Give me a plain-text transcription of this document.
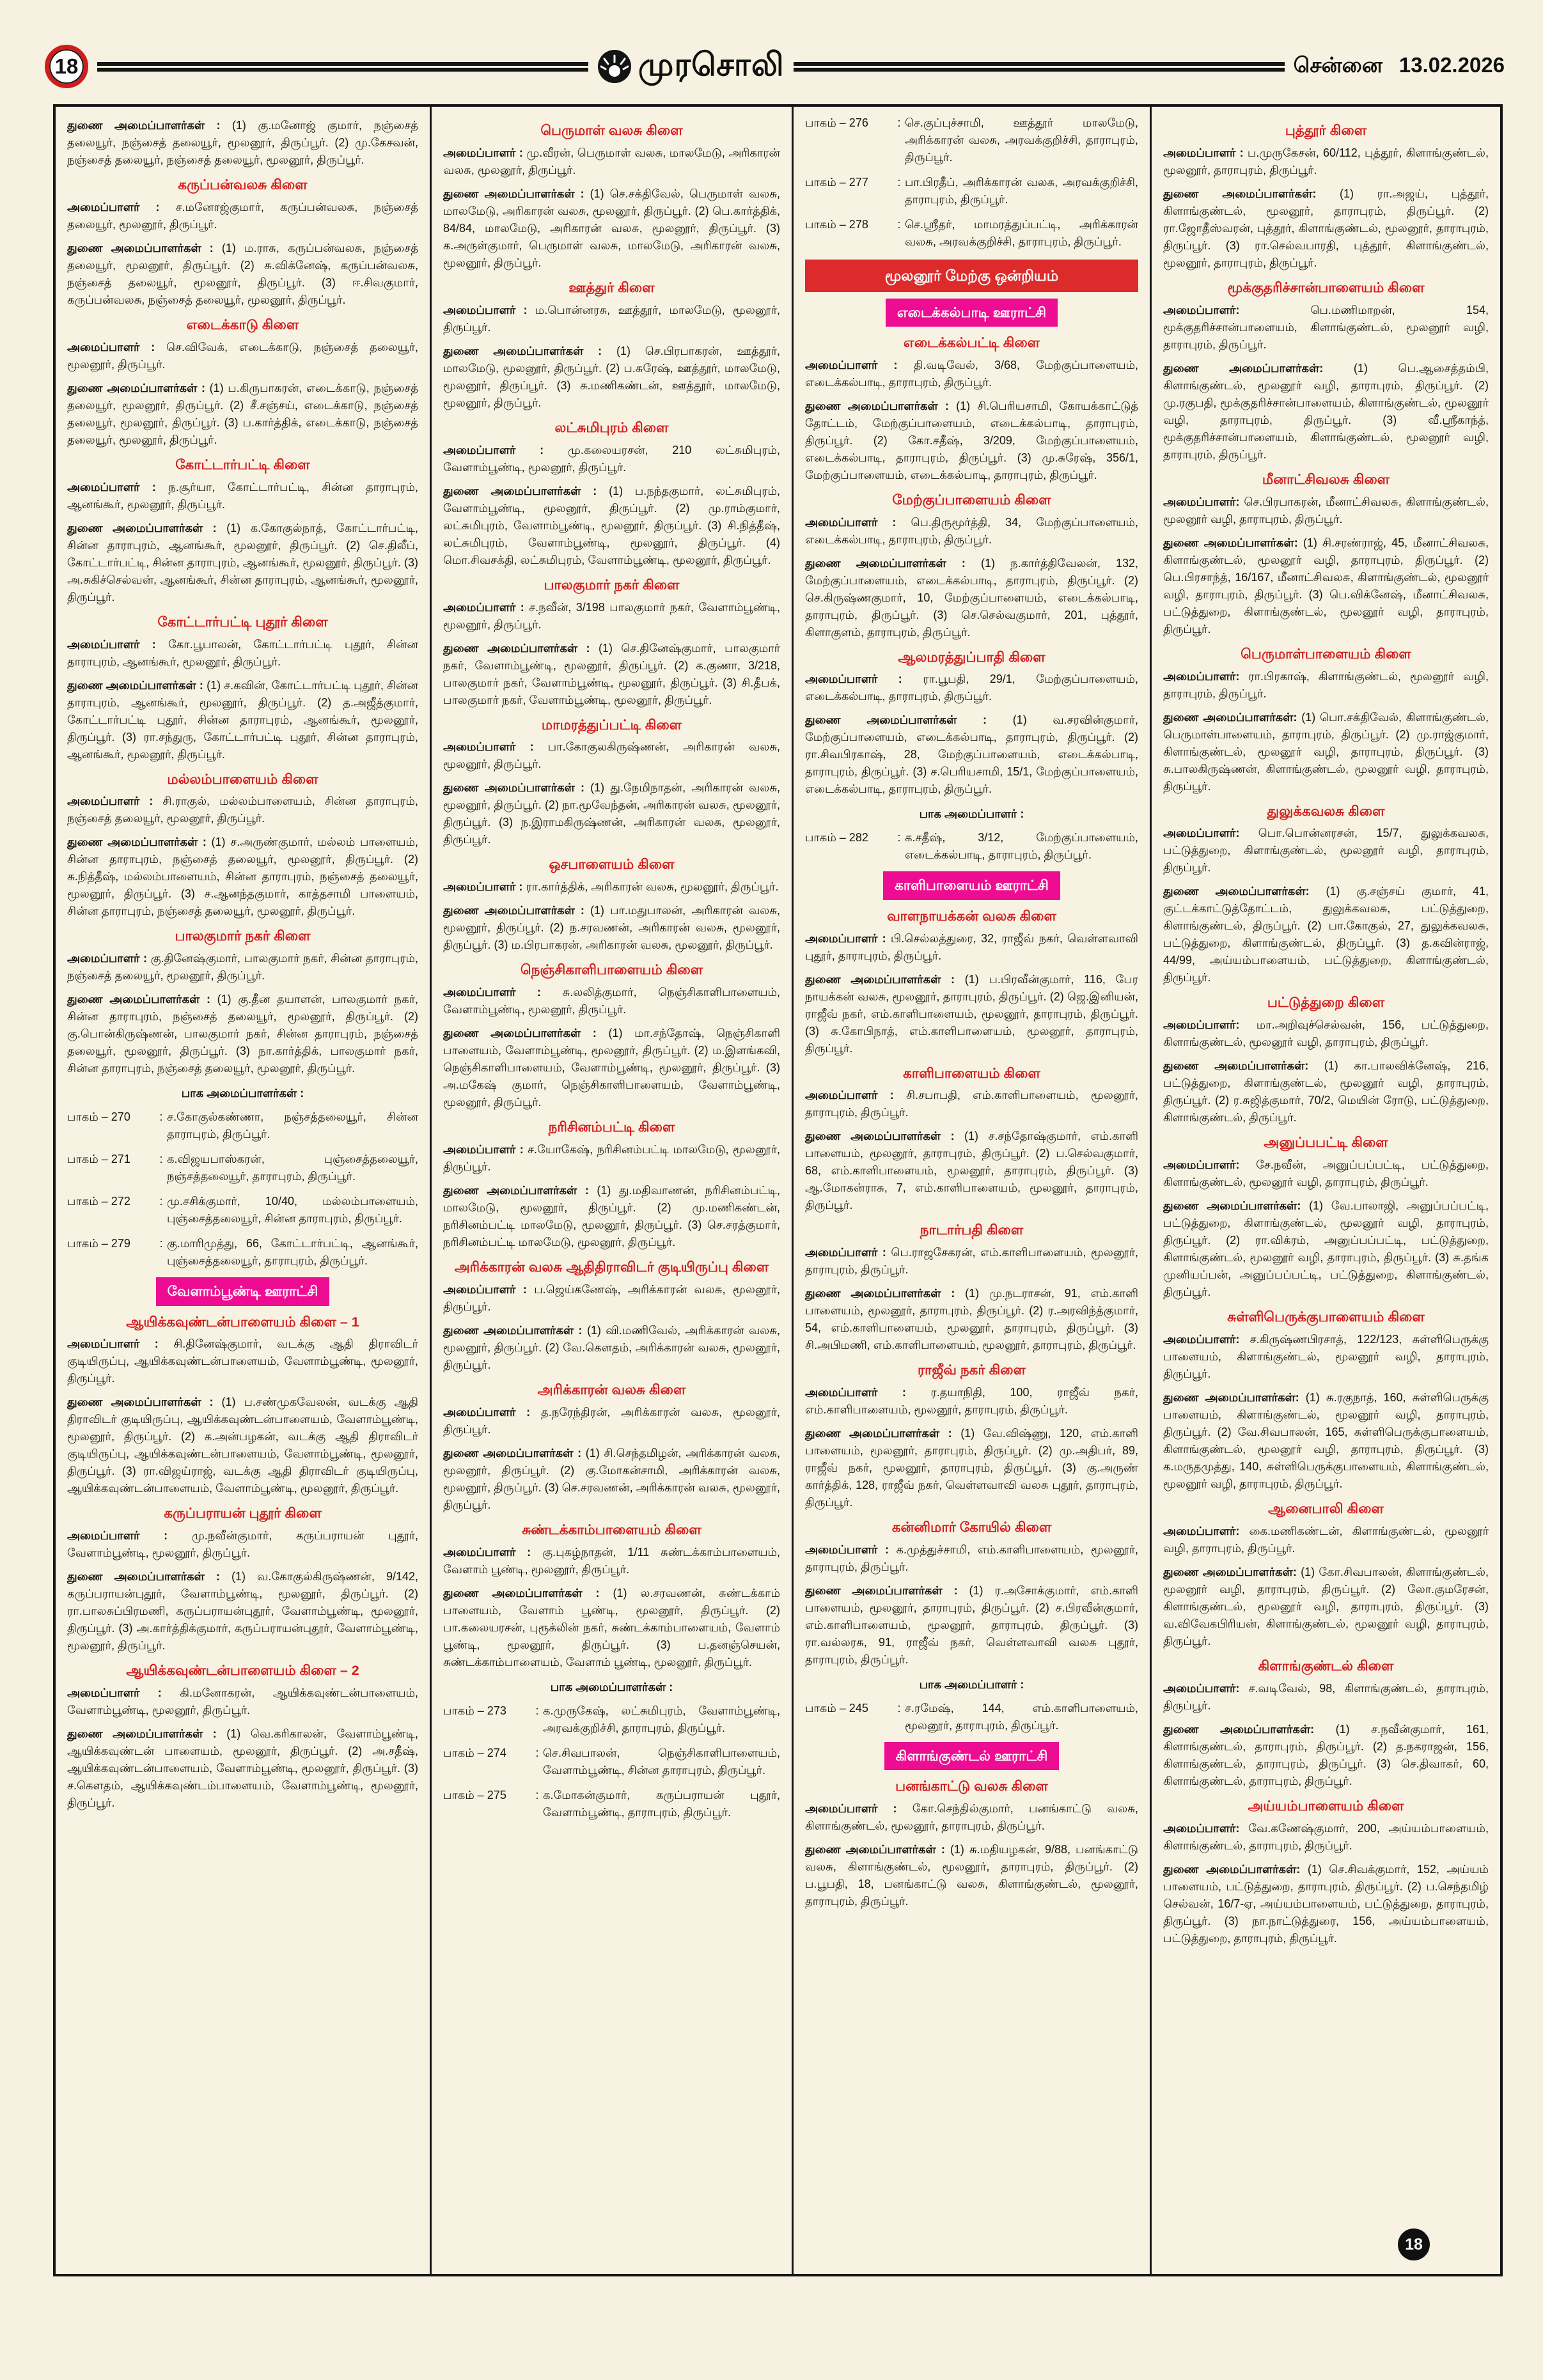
18	முரசொலி	சென்னை 13.02.2026

துணை அமைப்பாளர்கள் : (1) கு.மனோஜ் குமார், நஞ்சைத் தலையூர், நஞ்சைத் தலையூர், மூலனூர், திருப்பூர். (2) மு.கேசவன், நஞ்சைத் தலையூர், நஞ்சைத் தலையூர், மூலனூர், திருப்பூர்.

கருப்பன்வலசு கிளை

அமைப்பாளர் : ச.மனோஜ்குமார், கருப்பன்வலசு, நஞ்சைத் தலையூர், மூலனூர், திருப்பூர்.

துணை அமைப்பாளர்கள் : (1) ம.ராசு, கருப்பன்வலசு, நஞ்சைத் தலையூர், மூலனூர், திருப்பூர். (2) சு.விக்னேஷ், கருப்பன்வலசு, நஞ்சைத் தலையூர், மூலனூர், திருப்பூர். (3) ஈ.சிவகுமார், கருப்பன்வலசு, நஞ்சைத் தலையூர், மூலனூர், திருப்பூர்.

எடைக்காடு கிளை

அமைப்பாளர் : செ.விவேக், எடைக்காடு, நஞ்சைத் தலையூர், மூலனூர், திருப்பூர்.

துணை அமைப்பாளர்கள் : (1) ப.கிருபாகரன், எடைக்காடு, நஞ்சைத் தலையூர், மூலனூர், திருப்பூர். (2) சீ.சஞ்சய், எடைக்காடு, நஞ்சைத் தலையூர், மூலனூர், திருப்பூர். (3) ப.கார்த்திக், எடைக்காடு, நஞ்சைத் தலையூர், மூலனூர், திருப்பூர்.

கோட்டார்பட்டி கிளை

அமைப்பாளர் : ந.சூர்யா, கோட்டார்பட்டி, சின்ன தாராபுரம், ஆனங்கூர், மூலனூர், திருப்பூர்.

துணை அமைப்பாளர்கள் : (1) க.கோகுல்நாத், கோட்டார்பட்டி, சின்ன தாராபுரம், ஆனங்கூர், மூலனூர், திருப்பூர். (2) செ.திலீப், கோட்டார்பட்டி, சின்ன தாராபுரம், ஆனங்கூர், மூலனூர், திருப்பூர். (3) அ.சுகிச்செல்வன், ஆனங்கூர், சின்ன தாராபுரம், ஆனங்கூர், மூலனூர், திருப்பூர்.

கோட்டார்பட்டி புதூர் கிளை

அமைப்பாளர் : கோ.பூபாலன், கோட்டார்பட்டி புதூர், சின்ன தாராபுரம், ஆனங்கூர், மூலனூர், திருப்பூர்.

துணை அமைப்பாளர்கள் : (1) ச.கவின், கோட்டார்பட்டி புதூர், சின்ன தாராபுரம், ஆனங்கூர், மூலனூர், திருப்பூர். (2) த.அஜீத்குமார், கோட்டார்பட்டி புதூர், சின்ன தாராபுரம், ஆனங்கூர், மூலனூர், திருப்பூர். (3) ரா.சந்துரு, கோட்டார்பட்டி புதூர், சின்ன தாராபுரம், ஆனங்கூர், மூலனூர், திருப்பூர்.

மல்லம்பாளையம் கிளை

அமைப்பாளர் : சி.ராகுல், மல்லம்பாளையம், சின்ன தாராபுரம், நஞ்சைத் தலையூர், மூலனூர், திருப்பூர்.

துணை அமைப்பாளர்கள் : (1) ச.அருண்குமார், மல்லம் பாளையம், சின்ன தாராபுரம், நஞ்சைத் தலையூர், மூலனூர், திருப்பூர். (2) சு.நித்தீஷ், மல்லம்பாளையம், சின்ன தாராபுரம், நஞ்சைத் தலையூர், மூலனூர், திருப்பூர். (3) ச.ஆனந்தகுமார், காத்தசாமி பாளையம், சின்ன தாராபுரம், நஞ்சைத் தலையூர், மூலனூர், திருப்பூர்.

பாலகுமார் நகர் கிளை

அமைப்பாளர் : கு.தினேஷ்குமார், பாலகுமார் நகர், சின்ன தாராபுரம், நஞ்சைத் தலையூர், மூலனூர், திருப்பூர்.

துணை அமைப்பாளர்கள் : (1) கு.தீன தயாளன், பாலகுமார் நகர், சின்ன தாராபுரம், நஞ்சைத் தலையூர், மூலனூர், திருப்பூர். (2) கு.பொன்கிருஷ்ணன், பாலகுமார் நகர், சின்ன தாராபுரம், நஞ்சைத் தலையூர், மூலனூர், திருப்பூர். (3) நா.கார்த்திக், பாலகுமார் நகர், சின்ன தாராபுரம், நஞ்சைத் தலையூர், மூலனூர், திருப்பூர்.

பாக அமைப்பாளர்கள் :
பாகம் – 270	: ச.கோகுல்கண்ணா, நஞ்சத்தலையூர், சின்ன தாராபுரம், திருப்பூர்.
பாகம் – 271	: க.விஜயபாஸ்கரன், புஞ்சைத்தலையூர், நஞ்சத்தலையூர், தாராபுரம், திருப்பூர்.
பாகம் – 272	: மு.சசிக்குமார், 10/40, மல்லம்பாளையம், புஞ்சைத்தலையூர், சின்ன தாராபுரம், திருப்பூர்.
பாகம் – 279	: கு.மாரிமுத்து, 66, கோட்டார்பட்டி, ஆனங்கூர், புஞ்சைத்தலையூர், தாராபுரம், திருப்பூர்.
வேளாம்பூண்டி ஊராட்சி
ஆயிக்கவுண்டன்பாளையம் கிளை – 1

அமைப்பாளர் : சி.தினேஷ்குமார், வடக்கு ஆதி திராவிடர் குடியிருப்பு, ஆயிக்கவுண்டன்பாளையம், வேளாம்பூண்டி, மூலனூர், திருப்பூர்.

துணை அமைப்பாளர்கள் : (1) ப.சண்முகவேலன், வடக்கு ஆதி திராவிடர் குடியிருப்பு, ஆயிக்கவுண்டன்பாளையம், வேளாம்பூண்டி, மூலனூர், திருப்பூர். (2) க.அன்பழகன், வடக்கு ஆதி திராவிடர் குடியிருப்பு, ஆயிக்கவுண்டன்பாளையம், வேளாம்பூண்டி, மூலனூர், திருப்பூர். (3) ரா.விஜய்ராஜ், வடக்கு ஆதி திராவிடர் குடியிருப்பு, ஆயிக்கவுண்டன்பாளையம், வேளாம்பூண்டி, மூலனூர், திருப்பூர்.

கருப்பராயன் புதூர் கிளை

அமைப்பாளர் : மு.நவீன்குமார், கருப்பராயன் புதூர், வேளாம்பூண்டி, மூலனூர், திருப்பூர்.

துணை அமைப்பாளர்கள் : (1) வ.கோகுல்கிருஷ்ணன், 9/142, கருப்பராயன்புதூர், வேளாம்பூண்டி, மூலனூர், திருப்பூர். (2) ரா.பாலசுப்பிரமணி, கருப்பராயன்புதூர், வேளாம்பூண்டி, மூலனூர், திருப்பூர். (3) அ.கார்த்திக்குமார், கருப்பராயன்புதூர், வேளாம்பூண்டி, மூலனூர், திருப்பூர்.

ஆயிக்கவுண்டன்பாளையம் கிளை – 2

அமைப்பாளர் : கி.மனோகரன், ஆயிக்கவுண்டன்பாளையம், வேளாம்பூண்டி, மூலனூர், திருப்பூர்.

துணை அமைப்பாளர்கள் : (1) வெ.கரிகாலன், வேளாம்பூண்டி, ஆயிக்கவுண்டன் பாளையம், மூலனூர், திருப்பூர். (2) அ.சதீஷ், ஆயிக்கவுண்டன்பாளையம், வேளாம்பூண்டி, மூலனூர், திருப்பூர். (3) ச.கௌதம், ஆயிக்கவுண்டம்பாளையம், வேளாம்பூண்டி, மூலனூர், திருப்பூர்.

பெருமாள் வலசு கிளை

அமைப்பாளர் : மு.வீரன், பெருமாள் வலசு, மாலமேடு, அரிகாரன் வலசு, மூலனூர், திருப்பூர்.

துணை அமைப்பாளர்கள் : (1) செ.சக்திவேல், பெருமாள் வலசு, மாலமேடு, அரிகாரன் வலசு, மூலனூர், திருப்பூர். (2) பெ.கார்த்திக், 84/84, மாலமேடு, அரிகாரன் வலசு, மூலனூர், திருப்பூர். (3) க.அருள்குமார், பெருமாள் வலசு, மாலமேடு, அரிகாரன் வலசு, மூலனூர், திருப்பூர்.

ஊத்துர் கிளை

அமைப்பாளர் : ம.பொன்னரசு, ஊத்தூர், மாலமேடு, மூலனூர், திருப்பூர்.

துணை அமைப்பாளர்கள் : (1) செ.பிரபாகரன், ஊத்தூர், மாலமேடு, மூலனூர், திருப்பூர். (2) ப.சுரேஷ், ஊத்தூர், மாலமேடு, மூலனூர், திருப்பூர். (3) சு.மணிகண்டன், ஊத்தூர், மாலமேடு, மூலனூர், திருப்பூர்.

லட்சுமிபுரம் கிளை

அமைப்பாளர் : மு.கலையரசன், 210 லட்சுமிபுரம், வேளாம்பூண்டி, மூலனூர், திருப்பூர்.

துணை அமைப்பாளர்கள் : (1) ப.நந்தகுமார், லட்சுமிபுரம், வேளாம்பூண்டி, மூலனூர், திருப்பூர். (2) மு.ராம்குமார், லட்சுமிபுரம், வேளாம்பூண்டி, மூலனூர், திருப்பூர். (3) சி.நித்தீஷ், லட்சுமிபுரம், வேளாம்பூண்டி, மூலனூர், திருப்பூர். (4) மொ.சிவசக்தி, லட்சுமிபுரம், வேளாம்பூண்டி, மூலனூர், திருப்பூர்.

பாலகுமார் நகர் கிளை

அமைப்பாளர் : ச.நவீன், 3/198 பாலகுமார் நகர், வேளாம்பூண்டி, மூலனூர், திருப்பூர்.

துணை அமைப்பாளர்கள் : (1) செ.தினேஷ்குமார், பாலகுமார் நகர், வேளாம்பூண்டி, மூலனூர், திருப்பூர். (2) க.குணா, 3/218, பாலகுமார் நகர், வேளாம்பூண்டி, மூலனூர், திருப்பூர். (3) சி.தீபக், பாலகுமார் நகர், வேளாம்பூண்டி, மூலனூர், திருப்பூர்.

மாமரத்துப்பட்டி கிளை

அமைப்பாளர் : பா.கோகுலகிருஷ்ணன், அரிகாரன் வலசு, மூலனூர், திருப்பூர்.

துணை அமைப்பாளர்கள் : (1) து.நேமிநாதன், அரிகாரன் வலசு, மூலனூர், திருப்பூர். (2) நா.மூவேந்தன், அரிகாரன் வலசு, மூலனூர், திருப்பூர். (3) ந.இராமகிருஷ்ணன், அரிகாரன் வலசு, மூலனூர், திருப்பூர்.

ஒசபாளையம் கிளை

அமைப்பாளர் : ரா.கார்த்திக், அரிகாரன் வலசு, மூலனூர், திருப்பூர்.

துணை அமைப்பாளர்கள் : (1) பா.மதுபாலன், அரிகாரன் வலசு, மூலனூர், திருப்பூர். (2) ந.சரவணன், அரிகாரன் வலசு, மூலனூர், திருப்பூர். (3) ம.பிரபாகரன், அரிகாரன் வலசு, மூலனூர், திருப்பூர்.

நெஞ்சிகாளிபாளையம் கிளை

அமைப்பாளர் : சு.லலித்குமார், நெஞ்சிகாளிபாளையம், வேளாம்பூண்டி, மூலனூர், திருப்பூர்.

துணை அமைப்பாளர்கள் : (1) மா.சந்தோஷ், நெஞ்சிகாளி பாளையம், வேளாம்பூண்டி, மூலனூர், திருப்பூர். (2) ம.இளங்கவி, நெஞ்சிகாளிபாளையம், வேளாம்பூண்டி, மூலனூர், திருப்பூர். (3) அ.மகேஷ் குமார், நெஞ்சிகாளிபாளையம், வேளாம்பூண்டி, மூலனூர், திருப்பூர்.

நரிசினம்பட்டி கிளை

அமைப்பாளர் : ச.யோகேஷ், நரிசினம்பட்டி மாலமேடு, மூலனூர், திருப்பூர்.

துணை அமைப்பாளர்கள் : (1) து.மதிவாணன், நரிசினம்பட்டி, மாலமேடு, மூலனூர், திருப்பூர். (2) மு.மணிகண்டன், நரிசினம்பட்டி மாலமேடு, மூலனூர், திருப்பூர். (3) செ.சரத்குமார், நரிசினம்பட்டி மாலமேடு, மூலனூர், திருப்பூர்.

அரிக்காரன் வலசு ஆதிதிராவிடர் குடியிருப்பு கிளை

அமைப்பாளர் : ப.ஜெய்கணேஷ், அரிக்காரன் வலசு, மூலனூர், திருப்பூர்.

துணை அமைப்பாளர்கள் : (1) வி.மணிவேல், அரிக்காரன் வலசு, மூலனூர், திருப்பூர். (2) வே.கெளதம், அரிக்காரன் வலசு, மூலனூர், திருப்பூர்.

அரிக்காரன் வலசு கிளை

அமைப்பாளர் : த.நரேந்திரன், அரிக்காரன் வலசு, மூலனூர், திருப்பூர்.

துணை அமைப்பாளர்கள் : (1) சி.செந்தமிழன், அரிக்காரன் வலசு, மூலனூர், திருப்பூர். (2) கு.மோகன்சாமி, அரிக்காரன் வலசு, மூலனூர், திருப்பூர். (3) செ.சரவணன், அரிக்காரன் வலசு, மூலனூர், திருப்பூர்.

சுண்டக்காம்பாளையம் கிளை

அமைப்பாளர் : கு.புகழ்நாதன், 1/11 சுண்டக்காம்பாளையம், வேளாம் பூண்டி, மூலனூர், திருப்பூர்.

துணை அமைப்பாளர்கள் : (1) ல.சரவணன், சுண்டக்காம் பாளையம், வேளாம் பூண்டி, மூலனூர், திருப்பூர். (2) பா.கலையரசன், புரூக்லின் நகர், சுண்டக்காம்பாளையம், வேளாம் பூண்டி, மூலனூர், திருப்பூர். (3) ப.தனஞ்செயன், சுண்டக்காம்பாளையம், வேளாம் பூண்டி, மூலனூர், திருப்பூர்.

பாக அமைப்பாளர்கள் :
பாகம் – 273	: க.முருகேஷ், லட்சுமிபுரம், வேளாம்பூண்டி, அரவக்குறிச்சி, தாராபுரம், திருப்பூர்.
பாகம் – 274	: செ.சிவபாலன், நெஞ்சிகாளிபாளையம், வேளாம்பூண்டி, சின்ன தாராபுரம், திருப்பூர்.
பாகம் – 275	: க.மோகன்குமார், கருப்பராயன் புதூர், வேளாம்பூண்டி, தாராபுரம், திருப்பூர்.
பாகம் – 276	: செ.குப்புச்சாமி, ஊத்தூர் மாலமேடு, அரிக்காரன் வலசு, அரவக்குறிச்சி, தாராபுரம், திருப்பூர்.
பாகம் – 277	: பா.பிரதீப், அரிக்காரன் வலசு, அரவக்குறிச்சி, தாராபுரம், திருப்பூர்.
பாகம் – 278	: செ.ஸ்ரீதர், மாமரத்துப்பட்டி, அரிக்காரன் வலசு, அரவக்குறிச்சி, தாராபுரம், திருப்பூர்.
மூலனூர் மேற்கு ஒன்றியம்
எடைக்கல்பாடி ஊராட்சி
எடைக்கல்பட்டி கிளை

அமைப்பாளர் : தி.வடிவேல், 3/68, மேற்குப்பாளையம், எடைக்கல்பாடி, தாராபுரம், திருப்பூர்.

துணை அமைப்பாளர்கள் : (1) சி.பெரியசாமி, கோயக்காட்டுத் தோட்டம், மேற்குப்பாளையம், எடைக்கல்பாடி, தாராபுரம், திருப்பூர். (2) கோ.சதீஷ், 3/209, மேற்குப்பாளையம், எடைக்கல்பாடி, தாராபுரம், திருப்பூர். (3) மு.சுரேஷ், 356/1, மேற்குப்பாளையம், எடைக்கல்பாடி, தாராபுரம், திருப்பூர்.

மேற்குப்பாளையம் கிளை

அமைப்பாளர் : பெ.திருமூர்த்தி, 34, மேற்குப்பாளையம், எடைக்கல்பாடி, தாராபுரம், திருப்பூர்.

துணை அமைப்பாளர்கள் : (1) ந.கார்த்திவேலன், 132, மேற்குப்பாளையம், எடைக்கல்பாடி, தாராபுரம், திருப்பூர். (2) செ.கிருஷ்ணகுமார், 10, மேற்குப்பாளையம், எடைக்கல்பாடி, தாராபுரம், திருப்பூர். (3) செ.செல்வகுமார், 201, புத்தூர், கிளாகுளம், தாராபுரம், திருப்பூர்.

ஆலமரத்துப்பாதி கிளை

அமைப்பாளர் : ரா.பூபதி, 29/1, மேற்குப்பாளையம், எடைக்கல்பாடி, தாராபுரம், திருப்பூர்.

துணை அமைப்பாளர்கள் : (1) வ.சரவின்குமார், மேற்குப்பாளையம், எடைக்கல்பாடி, தாராபுரம், திருப்பூர். (2) ரா.சிவபிரகாஷ், 28, மேற்குப்பாளையம், எடைக்கல்பாடி, தாராபுரம், திருப்பூர். (3) ச.பெரியசாமி, 15/1, மேற்குப்பாளையம், எடைக்கல்பாடி, தாராபுரம், திருப்பூர்.

பாக அமைப்பாளர் :
பாகம் – 282	: க.சதீஷ், 3/12, மேற்குப்பாளையம், எடைக்கல்பாடி, தாராபுரம், திருப்பூர்.
காளிபாளையம் ஊராட்சி
வாளநாயக்கன் வலசு கிளை

அமைப்பாளர் : பி.செல்லத்துரை, 32, ராஜீவ் நகர், வெள்ளவாவி புதூர், தாராபுரம், திருப்பூர்.

துணை அமைப்பாளர்கள் : (1) ப.பிரவீன்குமார், 116, பேர நாயக்கன் வலசு, மூலனூர், தாராபுரம், திருப்பூர். (2) ஜெ.இனியன், ராஜீவ் நகர், எம்.காளிபாளையம், மூலனூர், தாராபுரம், திருப்பூர். (3) சு.கோபிநாத், எம்.காளிபாளையம், மூலனூர், தாராபுரம், திருப்பூர்.

காளிபாளையம் கிளை

அமைப்பாளர் : சி.சபாபதி, எம்.காளிபாளையம், மூலனூர், தாராபுரம், திருப்பூர்.

துணை அமைப்பாளர்கள் : (1) ச.சந்தோஷ்குமார், எம்.காளி பாளையம், மூலனூர், தாராபுரம், திருப்பூர். (2) ப.செல்வகுமார், 68, எம்.காளிபாளையம், மூலனூர், தாராபுரம், திருப்பூர். (3) ஆ.மோகன்ராசு, 7, எம்.காளிபாளையம், மூலனூர், தாராபுரம், திருப்பூர்.

நாடார்பதி கிளை

அமைப்பாளர் : பெ.ராஜசேகரன், எம்.காளிபாளையம், மூலனூர், தாராபுரம், திருப்பூர்.

துணை அமைப்பாளர்கள் : (1) மு.நடராசன், 91, எம்.காளி பாளையம், மூலனூர், தாராபுரம், திருப்பூர். (2) ர.அரவிந்த்குமார், 54, எம்.காளிபாளையம், மூலனூர், தாராபுரம், திருப்பூர். (3) சி.அபிமணி, எம்.காளிபாளையம், மூலனூர், தாராபுரம், திருப்பூர்.

ராஜீவ் நகர் கிளை

அமைப்பாளர் : ர.தயாநிதி, 100, ராஜீவ் நகர், எம்.காளிபாளையம், மூலனூர், தாராபுரம், திருப்பூர்.

துணை அமைப்பாளர்கள் : (1) வே.விஷ்ணு, 120, எம்.காளி பாளையம், மூலனூர், தாராபுரம், திருப்பூர். (2) மு.அதிபர், 89, ராஜீவ் நகர், மூலனூர், தாராபுரம், திருப்பூர். (3) கு.அருண் கார்த்திக், 128, ராஜீவ் நகர், வெள்ளவாவி வலசு புதூர், தாராபுரம், திருப்பூர்.

கன்னிமார் கோயில் கிளை

அமைப்பாளர் : க.முத்துச்சாமி, எம்.காளிபாளையம், மூலனூர், தாராபுரம், திருப்பூர்.

துணை அமைப்பாளர்கள் : (1) ர.அசோக்குமார், எம்.காளி பாளையம், மூலனூர், தாராபுரம், திருப்பூர். (2) ச.பிரவீன்குமார், எம்.காளிபாளையம், மூலனூர், தாராபுரம், திருப்பூர். (3) ரா.வல்லரசு, 91, ராஜீவ் நகர், வெள்ளவாவி வலசு புதூர், தாராபுரம், திருப்பூர்.

பாக அமைப்பாளர் :
பாகம் – 245	: ச.ரமேஷ், 144, எம்.காளிபாளையம், மூலனூர், தாராபுரம், திருப்பூர்.
கிளாங்குண்டல் ஊராட்சி
பனங்காட்டு வலசு கிளை

அமைப்பாளர் : கோ.செந்தில்குமார், பனங்காட்டு வலசு, கிளாங்குண்டல், மூலனூர், தாராபுரம், திருப்பூர்.

துணை அமைப்பாளர்கள் : (1) சு.மதியழகன், 9/88, பனங்காட்டு வலசு, கிளாங்குண்டல், மூலனூர், தாராபுரம், திருப்பூர். (2) ப.பூபதி, 18, பனங்காட்டு வலசு, கிளாங்குண்டல், மூலனூர், தாராபுரம், திருப்பூர்.

புத்தூர் கிளை

அமைப்பாளர் : ப.முருகேசன், 60/112, புத்தூர், கிளாங்குண்டல், மூலனூர், தாராபுரம், திருப்பூர்.

துணை அமைப்பாளர்கள்: (1) ரா.அஜய், புத்தூர், கிளாங்குண்டல், மூலனூர், தாராபுரம், திருப்பூர். (2) ரா.ஜோதீஸ்வரன், புத்தூர், கிளாங்குண்டல், மூலனூர், தாராபுரம், திருப்பூர். (3) ரா.செல்வபாரதி, புத்தூர், கிளாங்குண்டல், மூலனூர், தாராபுரம், திருப்பூர்.

மூக்குதரிச்சான்பாளையம் கிளை

அமைப்பாளர்: பெ.மணிமாறன், 154, மூக்குதரிச்சான்பாளையம், கிளாங்குண்டல், மூலனூர் வழி, தாராபுரம், திருப்பூர்.

துணை அமைப்பாளர்கள்: (1) பெ.ஆசைத்தம்பி, கிளாங்குண்டல், மூலனூர் வழி, தாராபுரம், திருப்பூர். (2) மு.ரகுபதி, மூக்குதரிச்சான்பாளையம், கிளாங்குண்டல், மூலனூர் வழி, தாராபுரம், திருப்பூர். (3) வீ.ஸ்ரீகாந்த், மூக்குதரிச்சான்பாளையம், கிளாங்குண்டல், மூலனூர் வழி, தாராபுரம், திருப்பூர்.

மீனாட்சிவலசு கிளை

அமைப்பாளர்: செ.பிரபாகரன், மீனாட்சிவலசு, கிளாங்குண்டல், மூலனூர் வழி, தாராபுரம், திருப்பூர்.

துணை அமைப்பாளர்கள்: (1) சி.சரண்ராஜ், 45, மீனாட்சிவலசு, கிளாங்குண்டல், மூலனூர் வழி, தாராபுரம், திருப்பூர். (2) பெ.பிரசாந்த், 16/167, மீனாட்சிவலசு, கிளாங்குண்டல், மூலனூர் வழி, தாராபுரம், திருப்பூர். (3) பெ.விக்னேஷ், மீனாட்சிவலசு, பட்டுத்துறை, கிளாங்குண்டல், மூலனூர் வழி, தாராபுரம், திருப்பூர்.

பெருமாள்பாளையம் கிளை

அமைப்பாளர்: ரா.பிரகாஷ், கிளாங்குண்டல், மூலனூர் வழி, தாராபுரம், திருப்பூர்.

துணை அமைப்பாளர்கள்: (1) பொ.சக்திவேல், கிளாங்குண்டல், பெருமாள்பாளையம், தாராபுரம், திருப்பூர். (2) மு.ராஜ்குமார், கிளாங்குண்டல், மூலனூர் வழி, தாராபுரம், திருப்பூர். (3) சு.பாலகிருஷ்ணன், கிளாங்குண்டல், மூலனூர் வழி, தாராபுரம், திருப்பூர்.

துலுக்கவலசு கிளை

அமைப்பாளர்: பொ.பொன்னரசன், 15/7, துலுக்கவலசு, பட்டுத்துறை, கிளாங்குண்டல், மூலனூர் வழி, தாராபுரம், திருப்பூர்.

துணை அமைப்பாளர்கள்: (1) கு.சஞ்சய் குமார், 41, குட்டக்காட்டுத்தோட்டம், துலுக்கவலசு, பட்டுத்துறை, கிளாங்குண்டல், திருப்பூர். (2) பா.கோகுல், 27, துலுக்கவலசு, பட்டுத்துறை, கிளாங்குண்டல், திருப்பூர். (3) த.கவின்ராஜ், 44/99, அய்யம்பாளையம், பட்டுத்துறை, கிளாங்குண்டல், திருப்பூர்.

பட்டுத்துறை கிளை

அமைப்பாளர்: மா.அறிவுச்செல்வன், 156, பட்டுத்துறை, கிளாங்குண்டல், மூலனூர் வழி, தாராபுரம், திருப்பூர்.

துணை அமைப்பாளர்கள்: (1) கா.பாலவிக்னேஷ், 216, பட்டுத்துறை, கிளாங்குண்டல், மூலனூர் வழி, தாராபுரம், திருப்பூர். (2) ர.சுஜித்குமார், 70/2, மெயின் ரோடு, பட்டுத்துறை, கிளாங்குண்டல், திருப்பூர்.

அனுப்பபட்டி கிளை

அமைப்பாளர்: சே.நவீன், அனுப்பப்பட்டி, பட்டுத்துறை, கிளாங்குண்டல், மூலனூர் வழி, தாராபுரம், திருப்பூர்.

துணை அமைப்பாளர்கள்: (1) வே.பாலாஜி, அனுப்பப்பட்டி, பட்டுத்துறை, கிளாங்குண்டல், மூலனூர் வழி, தாராபுரம், திருப்பூர். (2) ரா.விக்ரம், அனுப்பப்பட்டி, பட்டுத்துறை, கிளாங்குண்டல், மூலனூர் வழி, தாராபுரம், திருப்பூர். (3) சு.தங்க முனியப்பன், அனுப்பப்பட்டி, பட்டுத்துறை, கிளாங்குண்டல், திருப்பூர்.

சுள்ளிபெருக்குபாளையம் கிளை

அமைப்பாளர்: ச.கிருஷ்ணபிரசாத், 122/123, சுள்ளிபெருக்கு பாளையம், கிளாங்குண்டல், மூலனூர் வழி, தாராபுரம், திருப்பூர்.

துணை அமைப்பாளர்கள்: (1) சு.ரகுநாத், 160, சுள்ளிபெருக்கு பாளையம், கிளாங்குண்டல், மூலனூர் வழி, தாராபுரம், திருப்பூர். (2) வே.சிவபாலன், 165, சுள்ளிபெருக்குபாளையம், கிளாங்குண்டல், மூலனூர் வழி, தாராபுரம், திருப்பூர். (3) க.மருதமுத்து, 140, சுள்ளிபெருக்குபாளையம், கிளாங்குண்டல், மூலனூர் வழி, தாராபுரம், திருப்பூர்.

ஆனைபாலி கிளை

அமைப்பாளர்: கை.மணிகண்டன், கிளாங்குண்டல், மூலனூர் வழி, தாராபுரம், திருப்பூர்.

துணை அமைப்பாளர்கள்: (1) கோ.சிவபாலன், கிளாங்குண்டல், மூலனூர் வழி, தாராபுரம், திருப்பூர். (2) லோ.குமரேசன், கிளாங்குண்டல், மூலனூர் வழி, தாராபுரம், திருப்பூர். (3) வ.விவேகபிரியன், கிளாங்குண்டல், மூலனூர் வழி, தாராபுரம், திருப்பூர்.

கிளாங்குண்டல் கிளை

அமைப்பாளர்: ச.வடிவேல், 98, கிளாங்குண்டல், தாராபுரம், திருப்பூர்.

துணை அமைப்பாளர்கள்: (1) ச.நவீன்குமார், 161, கிளாங்குண்டல், தாராபுரம், திருப்பூர். (2) த.நகராஜன், 156, கிளாங்குண்டல், தாராபுரம், திருப்பூர். (3) செ.திவாகர், 60, கிளாங்குண்டல், தாராபுரம், திருப்பூர்.

அய்யம்பாளையம் கிளை

அமைப்பாளர்: வே.கணேஷ்குமார், 200, அய்யம்பாளையம், கிளாங்குண்டல், தாராபுரம், திருப்பூர்.

துணை அமைப்பாளர்கள்: (1) செ.சிவக்குமார், 152, அய்யம் பாளையம், பட்டுத்துறை, தாராபுரம், திருப்பூர். (2) ப.செந்தமிழ் செல்வன், 16/7-ஏ, அய்யம்பாளையம், பட்டுத்துறை, தாராபுரம், திருப்பூர். (3) நா.நாட்டுத்துரை, 156, அய்யம்பாளையம், பட்டுத்துறை, தாராபுரம், திருப்பூர்.

18
